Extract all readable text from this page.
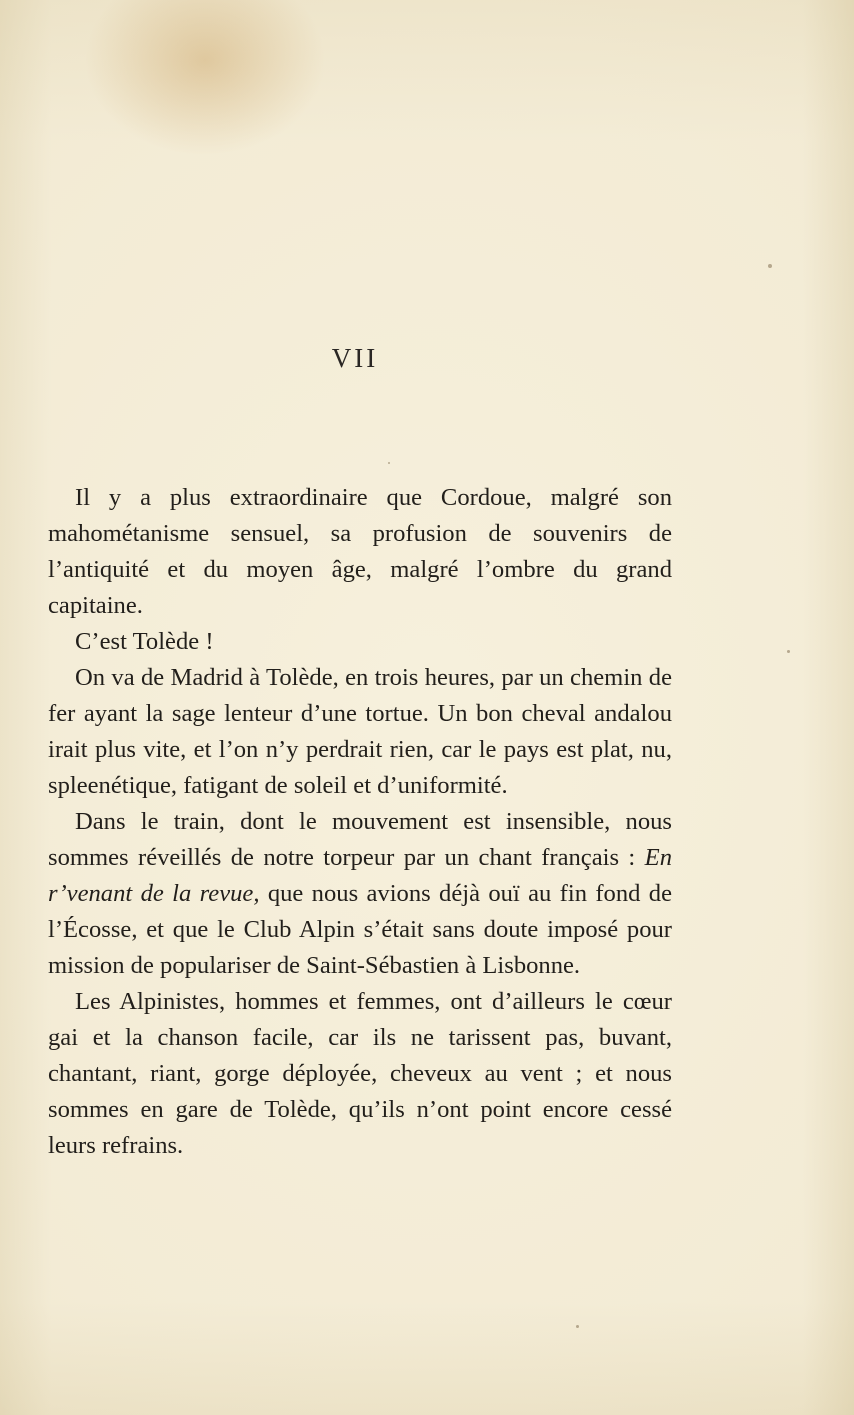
VII

Il y a plus extraordinaire que Cordoue, malgré son mahométanisme sensuel, sa profusion de souvenirs de l’antiquité et du moyen âge, malgré l’ombre du grand capitaine.

C’est Tolède !

On va de Madrid à Tolède, en trois heures, par un chemin de fer ayant la sage lenteur d’une tortue. Un bon cheval andalou irait plus vite, et l’on n’y perdrait rien, car le pays est plat, nu, spleenétique, fatigant de soleil et d’uniformité.

Dans le train, dont le mouvement est insensible, nous sommes réveillés de notre torpeur par un chant français : En r’venant de la revue, que nous avions déjà ouï au fin fond de l’Écosse, et que le Club Alpin s’était sans doute imposé pour mission de populariser de Saint-Sébastien à Lisbonne.

Les Alpinistes, hommes et femmes, ont d’ailleurs le cœur gai et la chanson facile, car ils ne tarissent pas, buvant, chantant, riant, gorge déployée, cheveux au vent ; et nous sommes en gare de Tolède, qu’ils n’ont point encore cessé leurs refrains.
